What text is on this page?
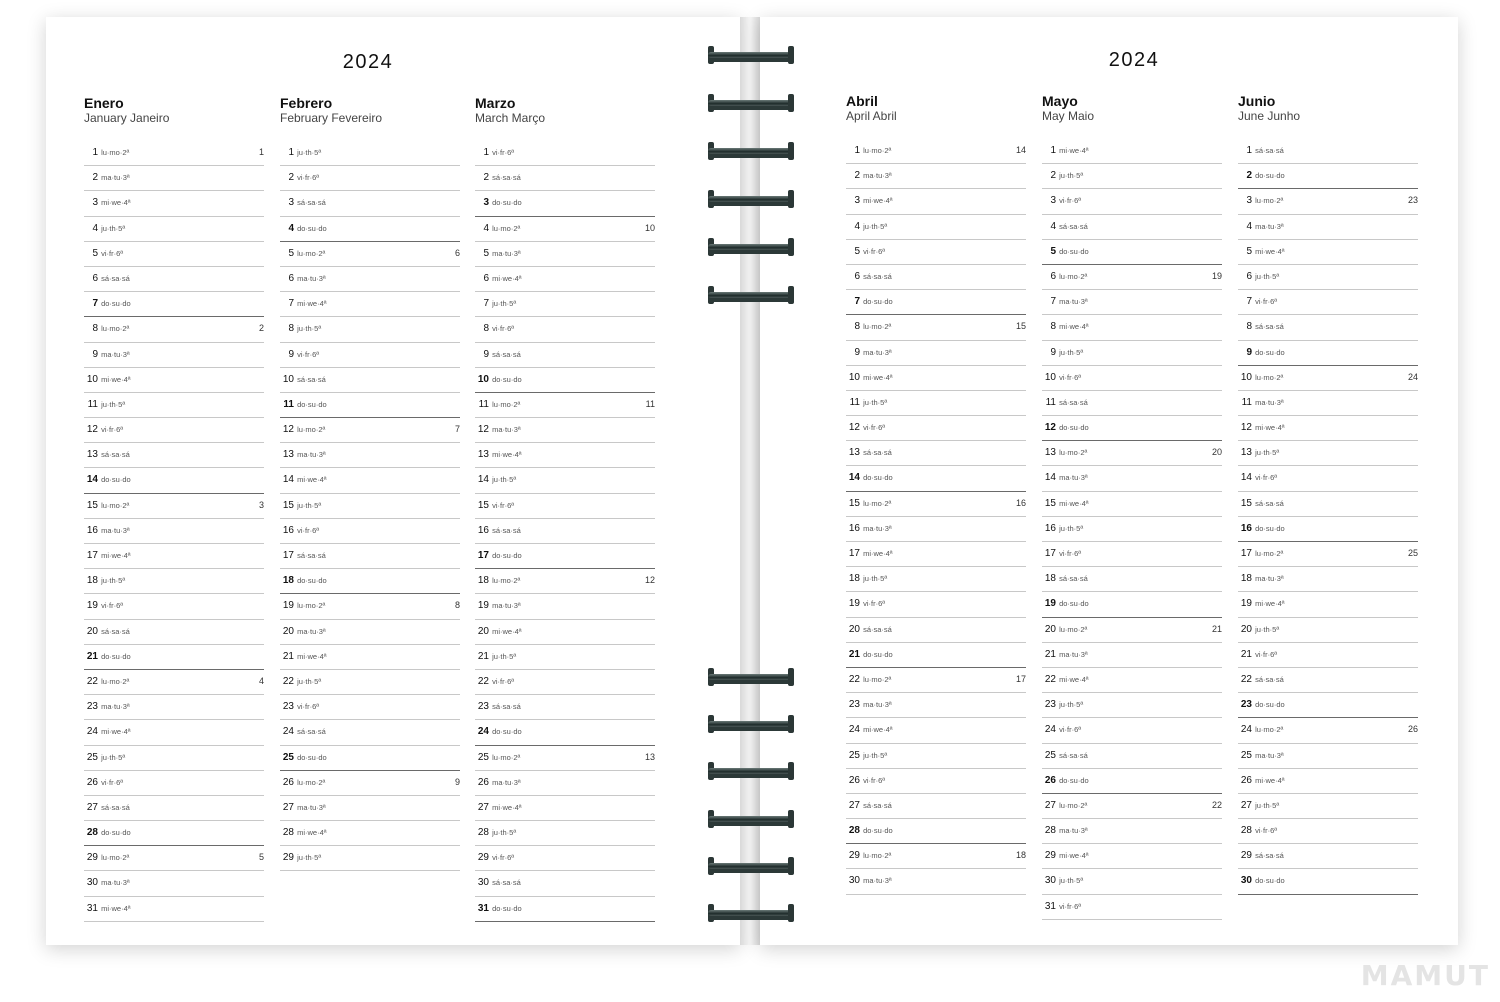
2024
Enero
January Janeiro
1 lu·mo·2ª	1
2 ma·tu·3ª
3 mi·we·4ª
4 ju·th·5ª
5 vi·fr·6ª
6 sá·sa·sá
7 do·su·do
8 lu·mo·2ª	2
9 ma·tu·3ª
10 mi·we·4ª
11 ju·th·5ª
12 vi·fr·6ª
13 sá·sa·sá
14 do·su·do
15 lu·mo·2ª	3
16 ma·tu·3ª
17 mi·we·4ª
18 ju·th·5ª
19 vi·fr·6ª
20 sá·sa·sá
21 do·su·do
22 lu·mo·2ª	4
23 ma·tu·3ª
24 mi·we·4ª
25 ju·th·5ª
26 vi·fr·6ª
27 sá·sa·sá
28 do·su·do
29 lu·mo·2ª	5
30 ma·tu·3ª
31 mi·we·4ª
Febrero
February Fevereiro
1 ju·th·5ª
2 vi·fr·6ª
3 sá·sa·sá
4 do·su·do
5 lu·mo·2ª	6
6 ma·tu·3ª
7 mi·we·4ª
8 ju·th·5ª
9 vi·fr·6ª
10 sá·sa·sá
11 do·su·do
12 lu·mo·2ª	7
13 ma·tu·3ª
14 mi·we·4ª
15 ju·th·5ª
16 vi·fr·6ª
17 sá·sa·sá
18 do·su·do
19 lu·mo·2ª	8
20 ma·tu·3ª
21 mi·we·4ª
22 ju·th·5ª
23 vi·fr·6ª
24 sá·sa·sá
25 do·su·do
26 lu·mo·2ª	9
27 ma·tu·3ª
28 mi·we·4ª
29 ju·th·5ª
Marzo
March Março
1 vi·fr·6ª
2 sá·sa·sá
3 do·su·do
4 lu·mo·2ª	10
5 ma·tu·3ª
6 mi·we·4ª
7 ju·th·5ª
8 vi·fr·6ª
9 sá·sa·sá
10 do·su·do
11 lu·mo·2ª	11
12 ma·tu·3ª
13 mi·we·4ª
14 ju·th·5ª
15 vi·fr·6ª
16 sá·sa·sá
17 do·su·do
18 lu·mo·2ª	12
19 ma·tu·3ª
20 mi·we·4ª
21 ju·th·5ª
22 vi·fr·6ª
23 sá·sa·sá
24 do·su·do
25 lu·mo·2ª	13
26 ma·tu·3ª
27 mi·we·4ª
28 ju·th·5ª
29 vi·fr·6ª
30 sá·sa·sá
31 do·su·do
2024
Abril
April Abril
1 lu·mo·2ª	14
2 ma·tu·3ª
3 mi·we·4ª
4 ju·th·5ª
5 vi·fr·6ª
6 sá·sa·sá
7 do·su·do
8 lu·mo·2ª	15
9 ma·tu·3ª
10 mi·we·4ª
11 ju·th·5ª
12 vi·fr·6ª
13 sá·sa·sá
14 do·su·do
15 lu·mo·2ª	16
16 ma·tu·3ª
17 mi·we·4ª
18 ju·th·5ª
19 vi·fr·6ª
20 sá·sa·sá
21 do·su·do
22 lu·mo·2ª	17
23 ma·tu·3ª
24 mi·we·4ª
25 ju·th·5ª
26 vi·fr·6ª
27 sá·sa·sá
28 do·su·do
29 lu·mo·2ª	18
30 ma·tu·3ª
Mayo
May Maio
1 mi·we·4ª
2 ju·th·5ª
3 vi·fr·6ª
4 sá·sa·sá
5 do·su·do
6 lu·mo·2ª	19
7 ma·tu·3ª
8 mi·we·4ª
9 ju·th·5ª
10 vi·fr·6ª
11 sá·sa·sá
12 do·su·do
13 lu·mo·2ª	20
14 ma·tu·3ª
15 mi·we·4ª
16 ju·th·5ª
17 vi·fr·6ª
18 sá·sa·sá
19 do·su·do
20 lu·mo·2ª	21
21 ma·tu·3ª
22 mi·we·4ª
23 ju·th·5ª
24 vi·fr·6ª
25 sá·sa·sá
26 do·su·do
27 lu·mo·2ª	22
28 ma·tu·3ª
29 mi·we·4ª
30 ju·th·5ª
31 vi·fr·6ª
Junio
June Junho
1 sá·sa·sá
2 do·su·do
3 lu·mo·2ª	23
4 ma·tu·3ª
5 mi·we·4ª
6 ju·th·5ª
7 vi·fr·6ª
8 sá·sa·sá
9 do·su·do
10 lu·mo·2ª	24
11 ma·tu·3ª
12 mi·we·4ª
13 ju·th·5ª
14 vi·fr·6ª
15 sá·sa·sá
16 do·su·do
17 lu·mo·2ª	25
18 ma·tu·3ª
19 mi·we·4ª
20 ju·th·5ª
21 vi·fr·6ª
22 sá·sa·sá
23 do·su·do
24 lu·mo·2ª	26
25 ma·tu·3ª
26 mi·we·4ª
27 ju·th·5ª
28 vi·fr·6ª
29 sá·sa·sá
30 do·su·do
MAMUT
